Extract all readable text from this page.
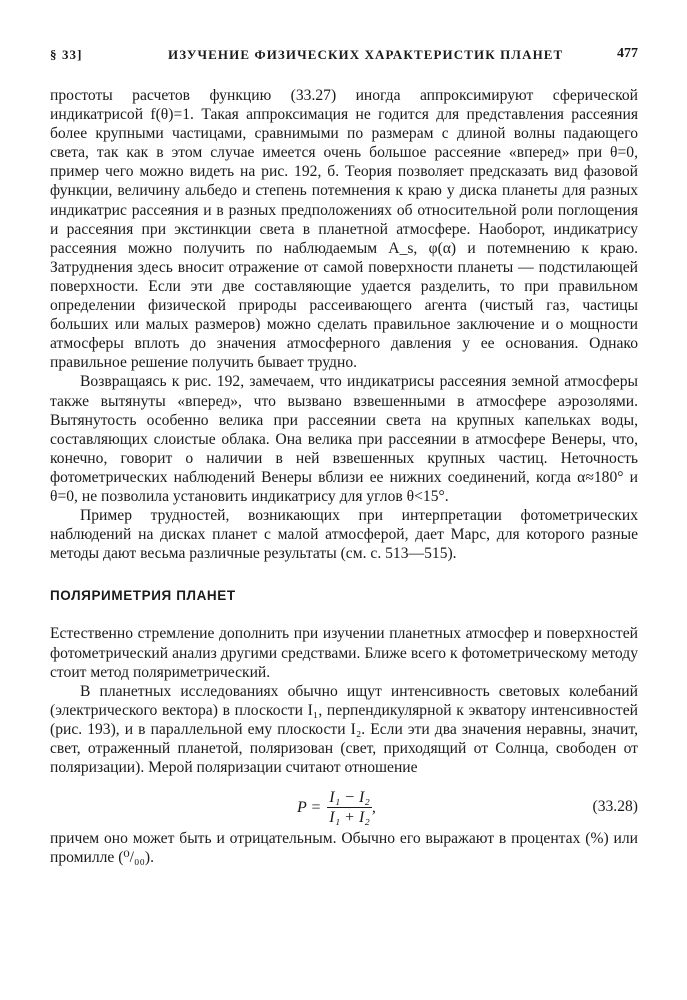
§ 33]	ИЗУЧЕНИЕ ФИЗИЧЕСКИХ ХАРАКТЕРИСТИК ПЛАНЕТ	477

простоты расчетов функцию (33.27) иногда аппроксимируют сферической индикатрисой f(θ)=1. Такая аппроксимация не годится для представления рассеяния более крупными частицами, сравнимыми по размерам с длиной волны падающего света, так как в этом случае имеется очень большое рассеяние «вперед» при θ=0, пример чего можно видеть на рис. 192, б. Теория позволяет предсказать вид фазовой функции, величину альбедо и степень потемнения к краю у диска планеты для разных индикатрис рассеяния и в разных предположениях об относительной роли поглощения и рассеяния при экстинкции света в планетной атмосфере. Наоборот, индикатрису рассеяния можно получить по наблюдаемым A_s, φ(α) и потемнению к краю. Затруднения здесь вносит отражение от самой поверхности планеты — подстилающей поверхности. Если эти две составляющие удается разделить, то при правильном определении физической природы рассеивающего агента (чистый газ, частицы больших или малых размеров) можно сделать правильное заключение и о мощности атмосферы вплоть до значения атмосферного давления у ее основания. Однако правильное решение получить бывает трудно.

Возвращаясь к рис. 192, замечаем, что индикатрисы рассеяния земной атмосферы также вытянуты «вперед», что вызвано взвешенными в атмосфере аэрозолями. Вытянутость особенно велика при рассеянии света на крупных капельках воды, составляющих слоистые облака. Она велика при рассеянии в атмосфере Венеры, что, конечно, говорит о наличии в ней взвешенных крупных частиц. Неточность фотометрических наблюдений Венеры вблизи ее нижних соединений, когда α≈180° и θ=0, не позволила установить индикатрису для углов θ<15°.

Пример трудностей, возникающих при интерпретации фотометрических наблюдений на дисках планет с малой атмосферой, дает Марс, для которого разные методы дают весьма различные результаты (см. с. 513—515).

ПОЛЯРИМЕТРИЯ ПЛАНЕТ

Естественно стремление дополнить при изучении планетных атмосфер и поверхностей фотометрический анализ другими средствами. Ближе всего к фотометрическому методу стоит метод поляриметрический.

В планетных исследованиях обычно ищут интенсивность световых колебаний (электрического вектора) в плоскости I₁, перпендикулярной к экватору интенсивностей (рис. 193), и в параллельной ему плоскости I₂. Если эти два значения неравны, значит, свет, отраженный планетой, поляризован (свет, приходящий от Солнца, свободен от поляризации). Мерой поляризации считают отношение

$P = \frac{\text{I₁ − I₂}}{\text{I₁ + I₂}}$ ,	(33.28)

причем оно может быть и отрицательным. Обычно его выражают в процентах (%) или промилле (⁰/₀₀).
